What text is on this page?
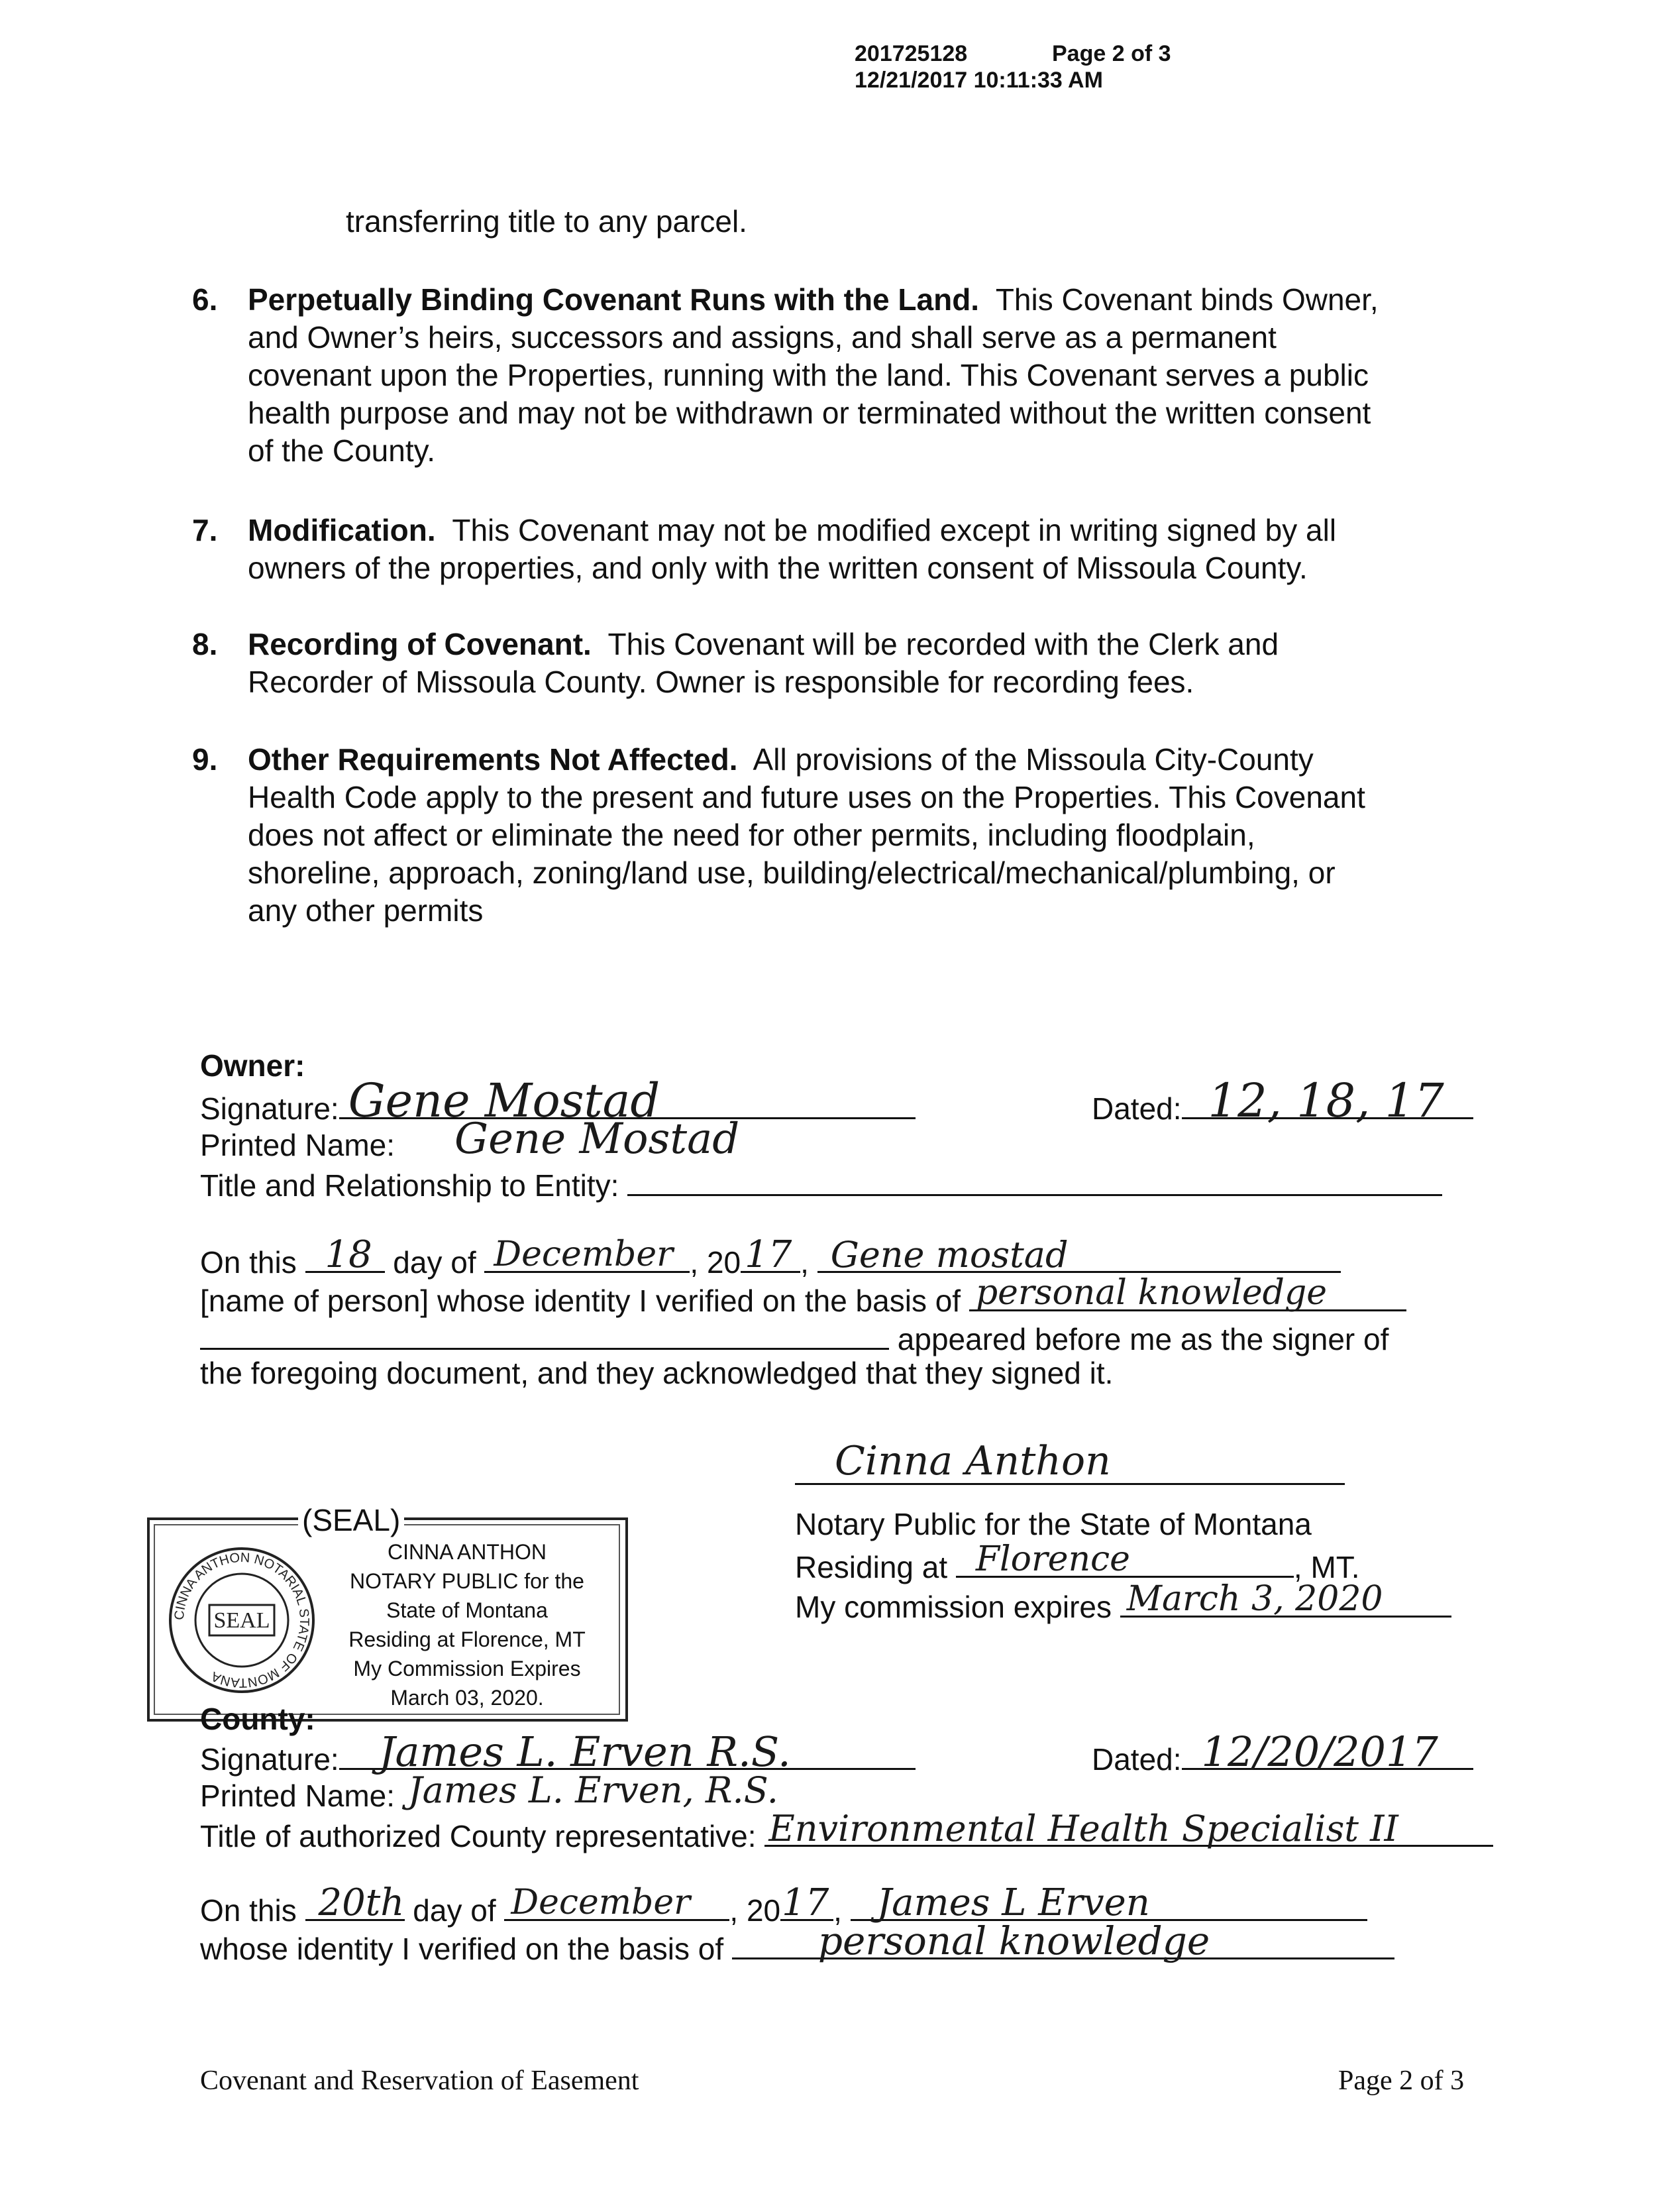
201725128	Page 2 of 3
12/21/2017 10:11:33 AM
transferring title to any parcel.
6. Perpetually Binding Covenant Runs with the Land. This Covenant binds Owner,
and Owner’s heirs, successors and assigns, and shall serve as a permanent
covenant upon the Properties, running with the land. This Covenant serves a public
health purpose and may not be withdrawn or terminated without the written consent
of the County.
7. Modification. This Covenant may not be modified except in writing signed by all
owners of the properties, and only with the written consent of Missoula County.
8. Recording of Covenant. This Covenant will be recorded with the Clerk and
Recorder of Missoula County. Owner is responsible for recording fees.
9. Other Requirements Not Affected. All provisions of the Missoula City-County
Health Code apply to the present and future uses on the Properties. This Covenant
does not affect or eliminate the need for other permits, including floodplain,
shoreline, approach, zoning/land use, building/electrical/mechanical/plumbing, or
any other permits
Owner:
Signature: Gene Mostad	Dated: 12, 18, 17
Printed Name: Gene Mostad
Title and Relationship to Entity:
On this 18 day of December , 20 17 , Gene mostad
[name of person] whose identity I verified on the basis of personal knowledge
appeared before me as the signer of
the foregoing document, and they acknowledged that they signed it.
Cinna Anthon
Notary Public for the State of Montana
Residing at Florence	, MT.
My commission expires March 3, 2020
(SEAL)
CINNA ANTHON NOTARIAL STATE OF MONTANA
SEAL
CINNA ANTHON
NOTARY PUBLIC for the
State of Montana
Residing at Florence, MT
My Commission Expires
March 03, 2020.
County:
Signature: James L. Erven R.S.	Dated: 12/20/2017
Printed Name: James L. Erven, R.S.
Title of authorized County representative: Environmental Health Specialist II
On this 20th day of December , 20 17 , James L Erven
whose identity I verified on the basis of personal knowledge
Covenant and Reservation of Easement	Page 2 of 3
